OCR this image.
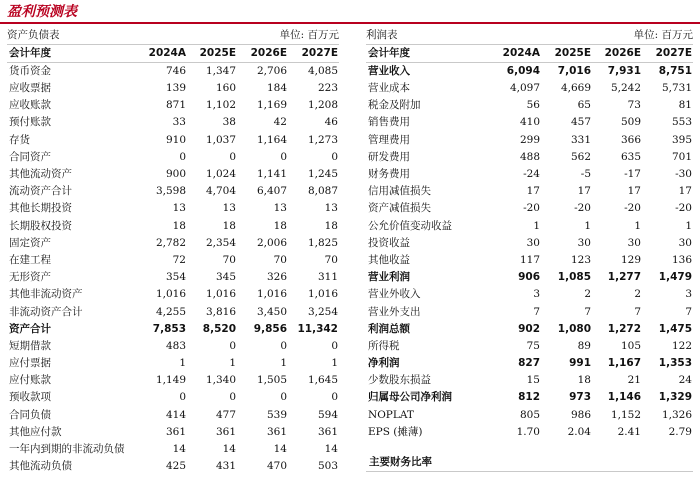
盈利预测表
资产负债表	单位: 百万元
会计年度	2024A	2025E	2026E	2027E
货币资金	746	1,347	2,706	4,085
应收票据	139	160	184	223
应收账款	871	1,102	1,169	1,208
预付账款	33	38	42	46
存货	910	1,037	1,164	1,273
合同资产	0	0	0	0
其他流动资产	900	1,024	1,141	1,245
流动资产合计	3,598	4,704	6,407	8,087
其他长期投资	13	13	13	13
长期股权投资	18	18	18	18
固定资产	2,782	2,354	2,006	1,825
在建工程	72	70	70	70
无形资产	354	345	326	311
其他非流动资产	1,016	1,016	1,016	1,016
非流动资产合计	4,255	3,816	3,450	3,254
资产合计	7,853	8,520	9,856	11,342
短期借款	483	0	0	0
应付票据	1	1	1	1
应付账款	1,149	1,340	1,505	1,645
预收款项	0	0	0	0
合同负债	414	477	539	594
其他应付款	361	361	361	361
一年内到期的非流动负债	14	14	14	14
其他流动负债	425	431	470	503
利润表	单位: 百万元
会计年度	2024A	2025E	2026E	2027E
营业收入	6,094	7,016	7,931	8,751
营业成本	4,097	4,669	5,242	5,731
税金及附加	56	65	73	81
销售费用	410	457	509	553
管理费用	299	331	366	395
研发费用	488	562	635	701
财务费用	-24	-5	-17	-30
信用减值损失	17	17	17	17
资产减值损失	-20	-20	-20	-20
公允价值变动收益	1	1	1	1
投资收益	30	30	30	30
其他收益	117	123	129	136
营业利润	906	1,085	1,277	1,479
营业外收入	3	2	2	3
营业外支出	7	7	7	7
利润总额	902	1,080	1,272	1,475
所得税	75	89	105	122
净利润	827	991	1,167	1,353
少数股东损益	15	18	21	24
归属母公司净利润	812	973	1,146	1,329
NOPLAT	805	986	1,152	1,326
EPS (摊薄)	1.70	2.04	2.41	2.79
主要财务比率
